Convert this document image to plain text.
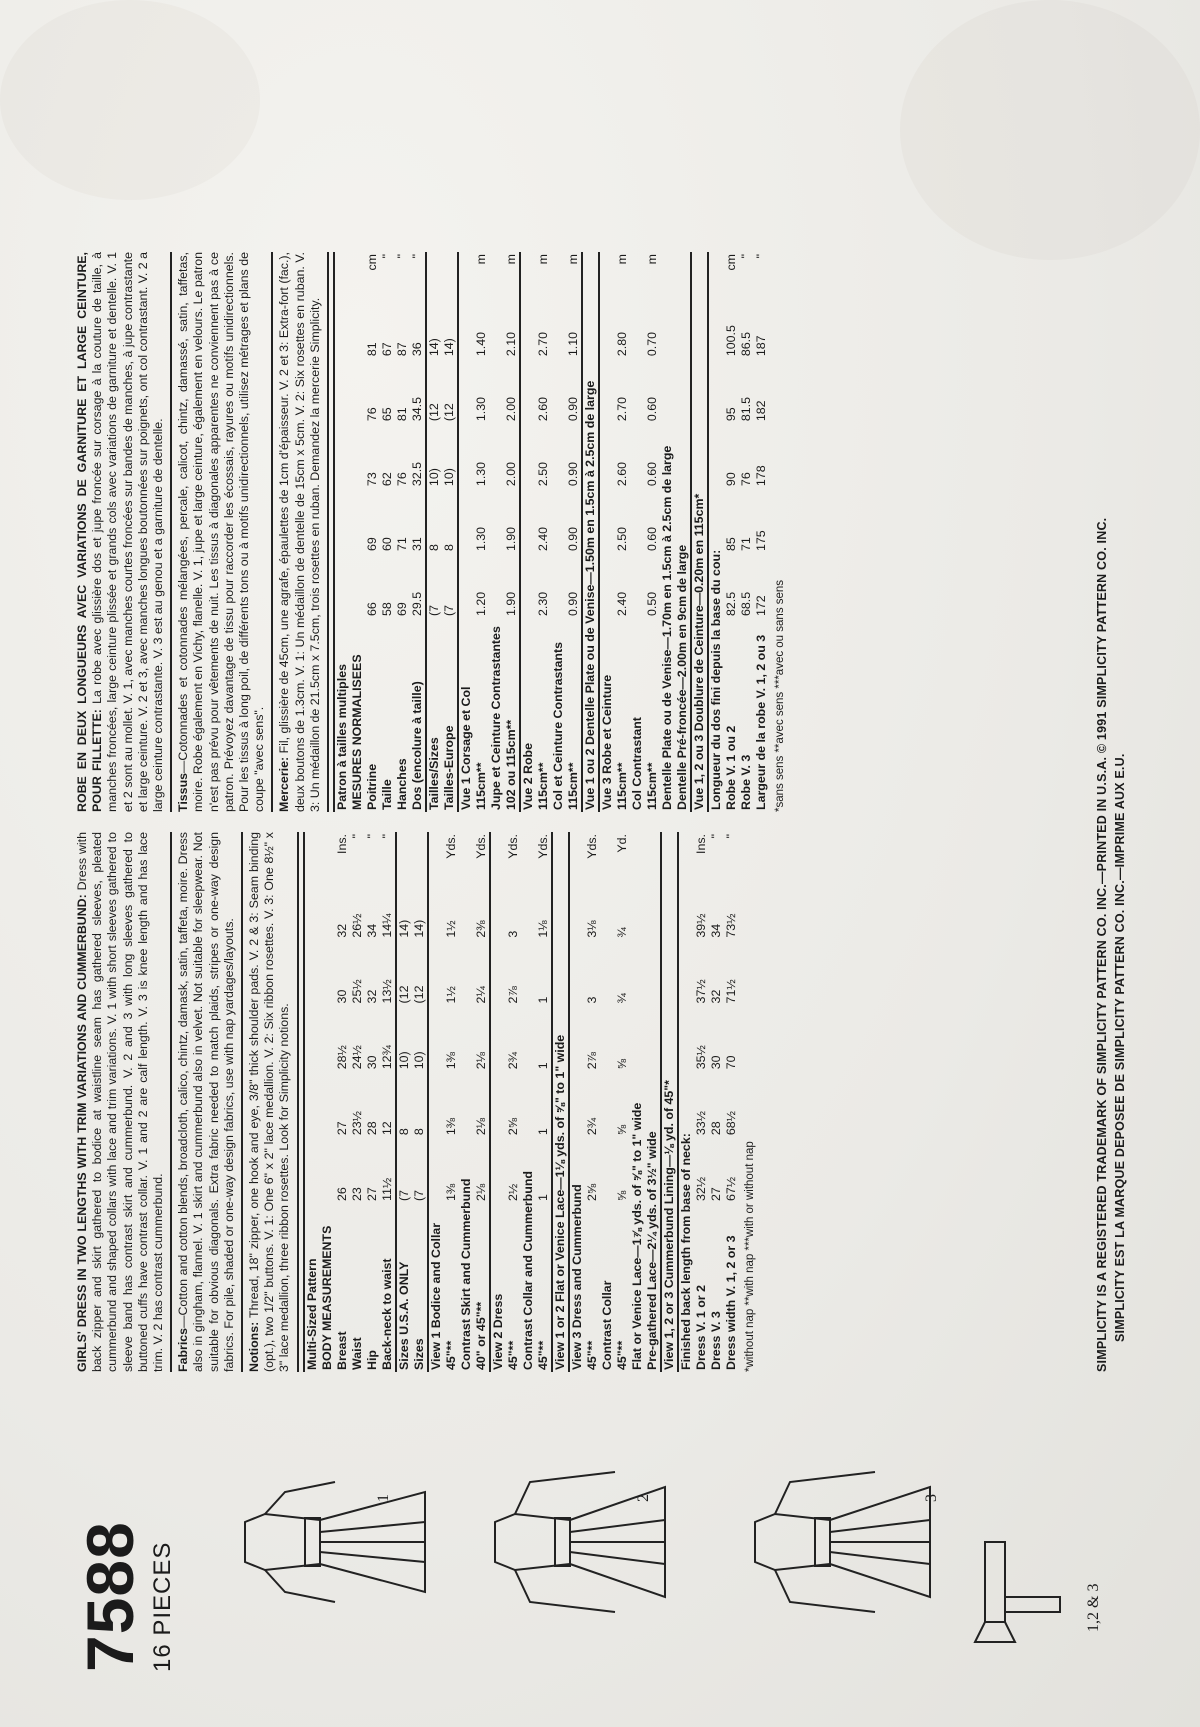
7588 16 PIECES
1	2	3
1,2 & 3

GIRLS' DRESS IN TWO LENGTHS WITH TRIM VARIATIONS AND CUMMERBUND: Dress with back zipper and skirt gathered to bodice at waistline seam has gathered sleeves, pleated cummerbund and shaped collars with lace and trim variations. V. 1 with short sleeves gathered to sleeve band has contrast skirt and cummerbund. V. 2 and 3 with long sleeves gathered to buttoned cuffs have contrast collar. V. 1 and 2 are calf length. V. 3 is knee length and has lace trim. V. 2 has contrast cummerbund. Fabrics—Cotton and cotton blends, broadcloth, calico, chintz, damask, satin, taffeta, moire. Dress also in gingham, flannel. V. 1 skirt and cummerbund also in velvet. Not suitable for sleepwear. Not suitable for obvious diagonals. Extra fabric needed to match plaids, stripes or one-way design fabrics. For pile, shaded or one-way design fabrics, use with nap yardages/layouts. Notions: Thread, 18" zipper, one hook and eye, 3/8" thick shoulder pads. V. 2 & 3: Seam binding (opt.), two 1/2" buttons. V. 1: One 6" x 2" lace medallion. V. 2: Six ribbon rosettes. V. 3: One 8½" x 3" lace medallion, three ribbon rosettes. Look for Simplicity notions. Multi-Sized Pattern						
BODY MEASUREMENTS						
Breast	26	27	28½	30	32	Ins.
Waist	23	23½	24½	25½	26½	"
Hip	27	28	30	32	34	"
Back-neck to waist	11½	12	12¾	13½	14¼	"
Sizes U.S.A. ONLY	(7	8	10)	(12	14)	
Sizes	(7	8	10)	(12	14)	
View 1 Bodice and Collar						
45"**	1⅜	1⅜	1⅜	1½	1½	Yds.
Contrast Skirt and Cummerbund						
40" or 45"**	2⅛	2⅛	2⅛	2¼	2⅜	Yds.
View 2 Dress						
45"**	2½	2⅝	2¾	2⅞	3	Yds.
Contrast Collar and Cummerbund						
45"**	1	1	1	1	1⅛	Yds.
View 1 or 2 Flat or Venice Lace—1⅛ yds. of ⅝" to 1" wide						
View 3 Dress and Cummerbund						
45"**	2⅝	2¾	2⅞	3	3⅛	Yds.
Contrast Collar						
45"**	⅝	⅝	⅝	¾	¾	Yd.
Flat or Venice Lace—1⅞ yds. of ⅝" to 1" wide						
Pre-gathered Lace—2¼ yds. of 3½" wide						
View 1, 2 or 3 Cummerbund Lining—⅛ yd. of 45"*						
Finished back length from base of neck:						
Dress V. 1 or 2	32½	33½	35½	37½	39½	Ins.
Dress V. 3	27	28	30	32	34	"
Dress width V. 1, 2 or 3	67½	68½	70	71½	73½	"
*without nap **with nap ***with or without nap

ROBE EN DEUX LONGUEURS AVEC VARIATIONS DE GARNITURE ET LARGE CEINTURE, POUR FILLETTE: La robe avec glissière dos et jupe froncée sur corsage à la couture de taille, à manches froncées, large ceinture plissée et grands cols avec variations de garniture et dentelle. V. 1 et 2 sont au mollet. V. 1, avec manches courtes froncées sur bandes de manches, à jupe contrastante et large ceinture. V. 2 et 3, avec manches longues boutonnées sur poignets, ont col contrastant. V. 2 a large ceinture contrastante. V. 3 est au genou et a garniture de dentelle. Tissus—Cotonnades et cotonnades mélangées, percale, calicot, chintz, damassé, satin, taffetas, moire. Robe également en Vichy, flanelle. V. 1, jupe et large ceinture, également en velours. Le patron n'est pas prévu pour vêtements de nuit. Les tissus à diagonales apparentes ne conviennent pas à ce patron. Prévoyez davantage de tissu pour raccorder les écossais, rayures ou motifs unidirectionnels. Pour les tissus à long poil, de différents tons ou à motifs unidirectionnels, utilisez métrages et plans de coupe "avec sens". Mercerie: Fil, glissière de 45cm, une agrafe, épaulettes de 1cm d'épaisseur. V. 2 et 3: Extra-fort (fac.), deux boutons de 1.3cm. V. 1: Un médaillon de dentelle de 15cm x 5cm. V. 2: Six rosettes en ruban. V. 3: Un médaillon de 21.5cm x 7.5cm, trois rosettes en ruban. Demandez la mercerie Simplicity. Patron à tailles multiples						
MESURES NORMALISEES						
Poitrine	66	69	73	76	81	cm
Taille	58	60	62	65	67	"
Hanches	69	71	76	81	87	"
Dos (encolure à taille)	29.5	31	32.5	34.5	36	"
Tailles/Sizes	(7	8	10)	(12	14)	
Tailles-Europe	(7	8	10)	(12	14)	
Vue 1 Corsage et Col						
115cm**	1.20	1.30	1.30	1.30	1.40	m
Jupe et Ceinture Contrastantes						
102 ou 115cm**	1.90	1.90	2.00	2.00	2.10	m
Vue 2 Robe						
115cm**	2.30	2.40	2.50	2.60	2.70	m
Col et Ceinture Contrastants						
115cm**	0.90	0.90	0.90	0.90	1.10	m
Vue 1 ou 2 Dentelle Plate ou de Venise—1.50m en 1.5cm à 2.5cm de large						
Vue 3 Robe et Ceinture						
115cm**	2.40	2.50	2.60	2.70	2.80	m
Col Contrastant						
115cm**	0.50	0.60	0.60	0.60	0.70	m
Dentelle Plate ou de Venise—1.70m en 1.5cm à 2.5cm de large						
Dentelle Pré-froncée—2.00m en 9cm de large						
Vue 1, 2 ou 3 Doublure de Ceinture—0.20m en 115cm*						
Longueur du dos fini depuis la base du cou:						
Robe V. 1 ou 2	82.5	85	90	95	100.5	cm
Robe V. 3	68.5	71	76	81.5	86.5	"
Largeur de la robe V. 1, 2 ou 3	172	175	178	182	187	"
*sans sens **avec sens ***avec ou sans sens	SIMPLICITY IS A REGISTERED TRADEMARK OF SIMPLICITY PATTERN CO. INC.—PRINTED IN U.S.A. © 1991 SIMPLICITY PATTERN CO. INC. SIMPLICITY EST LA MARQUE DEPOSEE DE SIMPLICITY PATTERN CO. INC.—IMPRIME AUX E.U.
